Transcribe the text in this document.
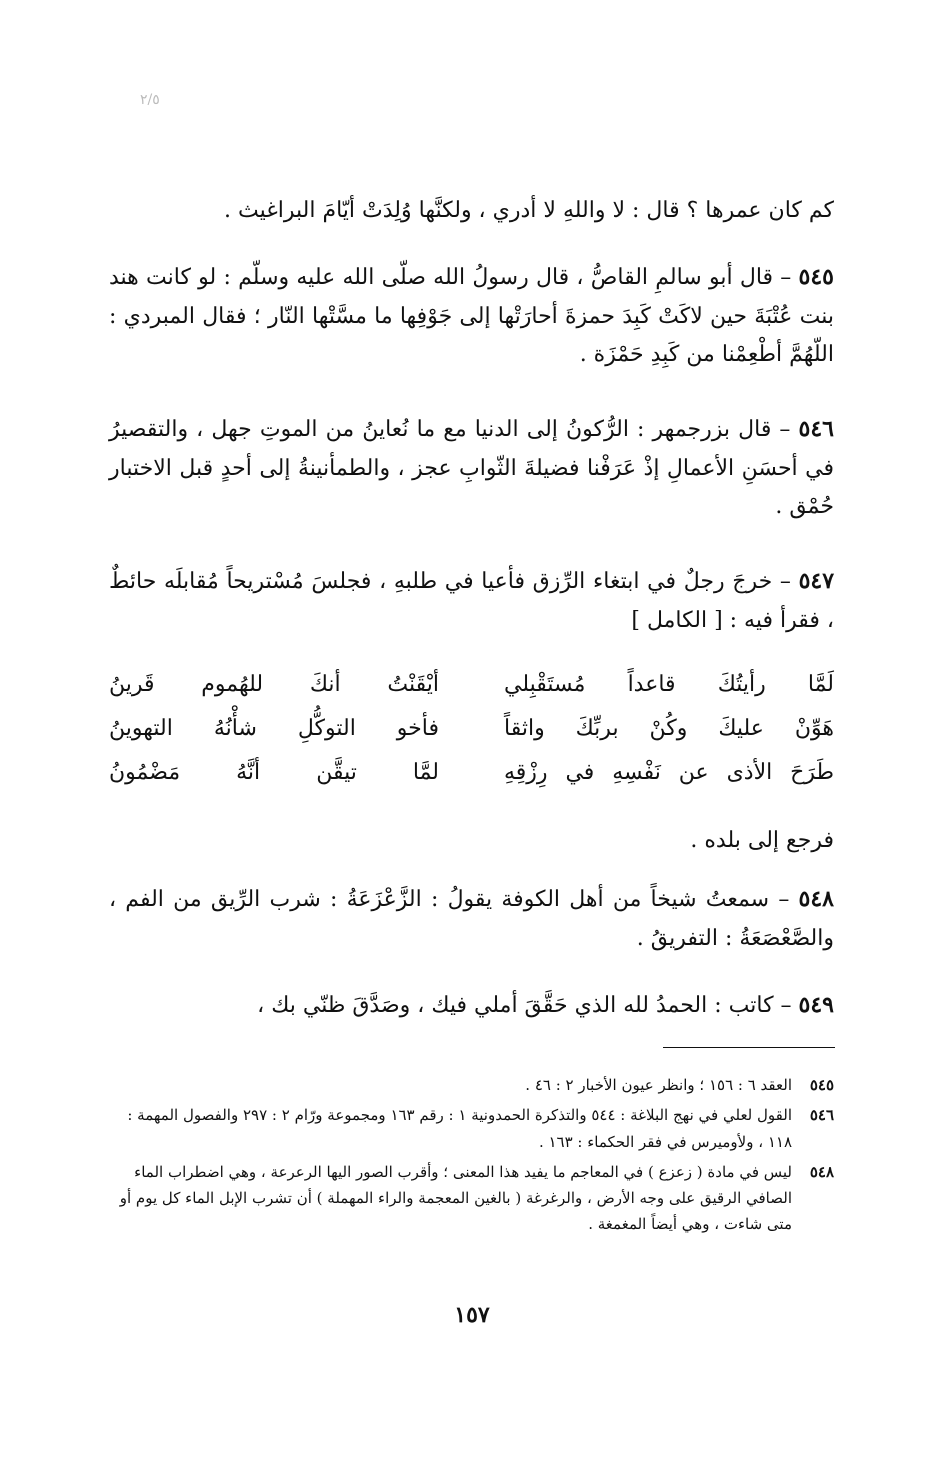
٢/٥
كم كان عمرها ؟ قال : لا واللهِ لا أدري ، ولكنَّها وُلِدَتْ أيّامَ البراغيث .
٥٤٥ – قال أبو سالمِ القاصُّ ، قال رسولُ الله صلّى الله عليه وسلّم : لو كانت هند بنت عُتْبَةَ حين لاكَتْ كَبِدَ حمزةَ أحارَتْها إلى جَوْفِها ما مسَّتْها النّار ؛ فقال المبردي : اللّهُمَّ أطْعِمْنا من كَبِدِ حَمْزَة .
٥٤٦ – قال بزرجمهر : الرُّكونُ إلى الدنيا مع ما نُعاينُ من الموتِ جهل ، والتقصيرُ في أحسَنِ الأعمالِ إذْ عَرَفْنا فضيلةَ الثّوابِ عجز ، والطمأنينةُ إلى أحدٍ قبل الاختبار حُمْق .
٥٤٧ – خرجَ رجلٌ في ابتغاء الرِّزق فأعيا في طلبهِ ، فجلسَ مُسْتريحاً مُقابلَه حائطٌ ، فقرأ فيه : [ الكامل ]
لَمَّا رأيتُكَ قاعداً مُستَقْبِلي
أيْقَنْتُ أنكَ للهُموم قَرينُ
هَوِّنْ عليكَ وكُنْ بربِّكَ واثقاً
فأخو التوكُّلِ شأْنُهُ التهوينُ
طَرَحَ الأذى عن نَفْسِهِ في رِزْقِهِ
لمَّا تيقَّن أنَّهُ مَضْمُونُ
فرجع إلى بلده .
٥٤٨ – سمعتُ شيخاً من أهل الكوفة يقولُ : الزَّعْزَعَةُ : شرب الرِّيق من الفم ، والصَّعْصَعَةُ : التفريقُ .
٥٤٩ – كاتب : الحمدُ لله الذي حَقَّقَ أملي فيك ، وصَدَّقَ ظنّي بك ،
٥٤٥
العقد ٦ : ١٥٦ ؛ وانظر عيون الأخبار ٢ : ٤٦ .
٥٤٦
القول لعلي في نهج البلاغة : ٥٤٤ والتذكرة الحمدونية ١ : رقم ١٦٣ ومجموعة ورّام ٢ : ٢٩٧ والفصول المهمة : ١١٨ ، ولأوميرس في فقر الحكماء : ١٦٣ .
٥٤٨
ليس في مادة ( زعزع ) في المعاجم ما يفيد هذا المعنى ؛ وأقرب الصور اليها الرعرعة ، وهي اضطراب الماء الصافي الرقيق على وجه الأرض ، والرغرغة ( بالغين المعجمة والراء المهملة ) أن تشرب الإبل الماء كل يوم أو متى شاءت ، وهي أيضاً المغمغة .
١٥٧
